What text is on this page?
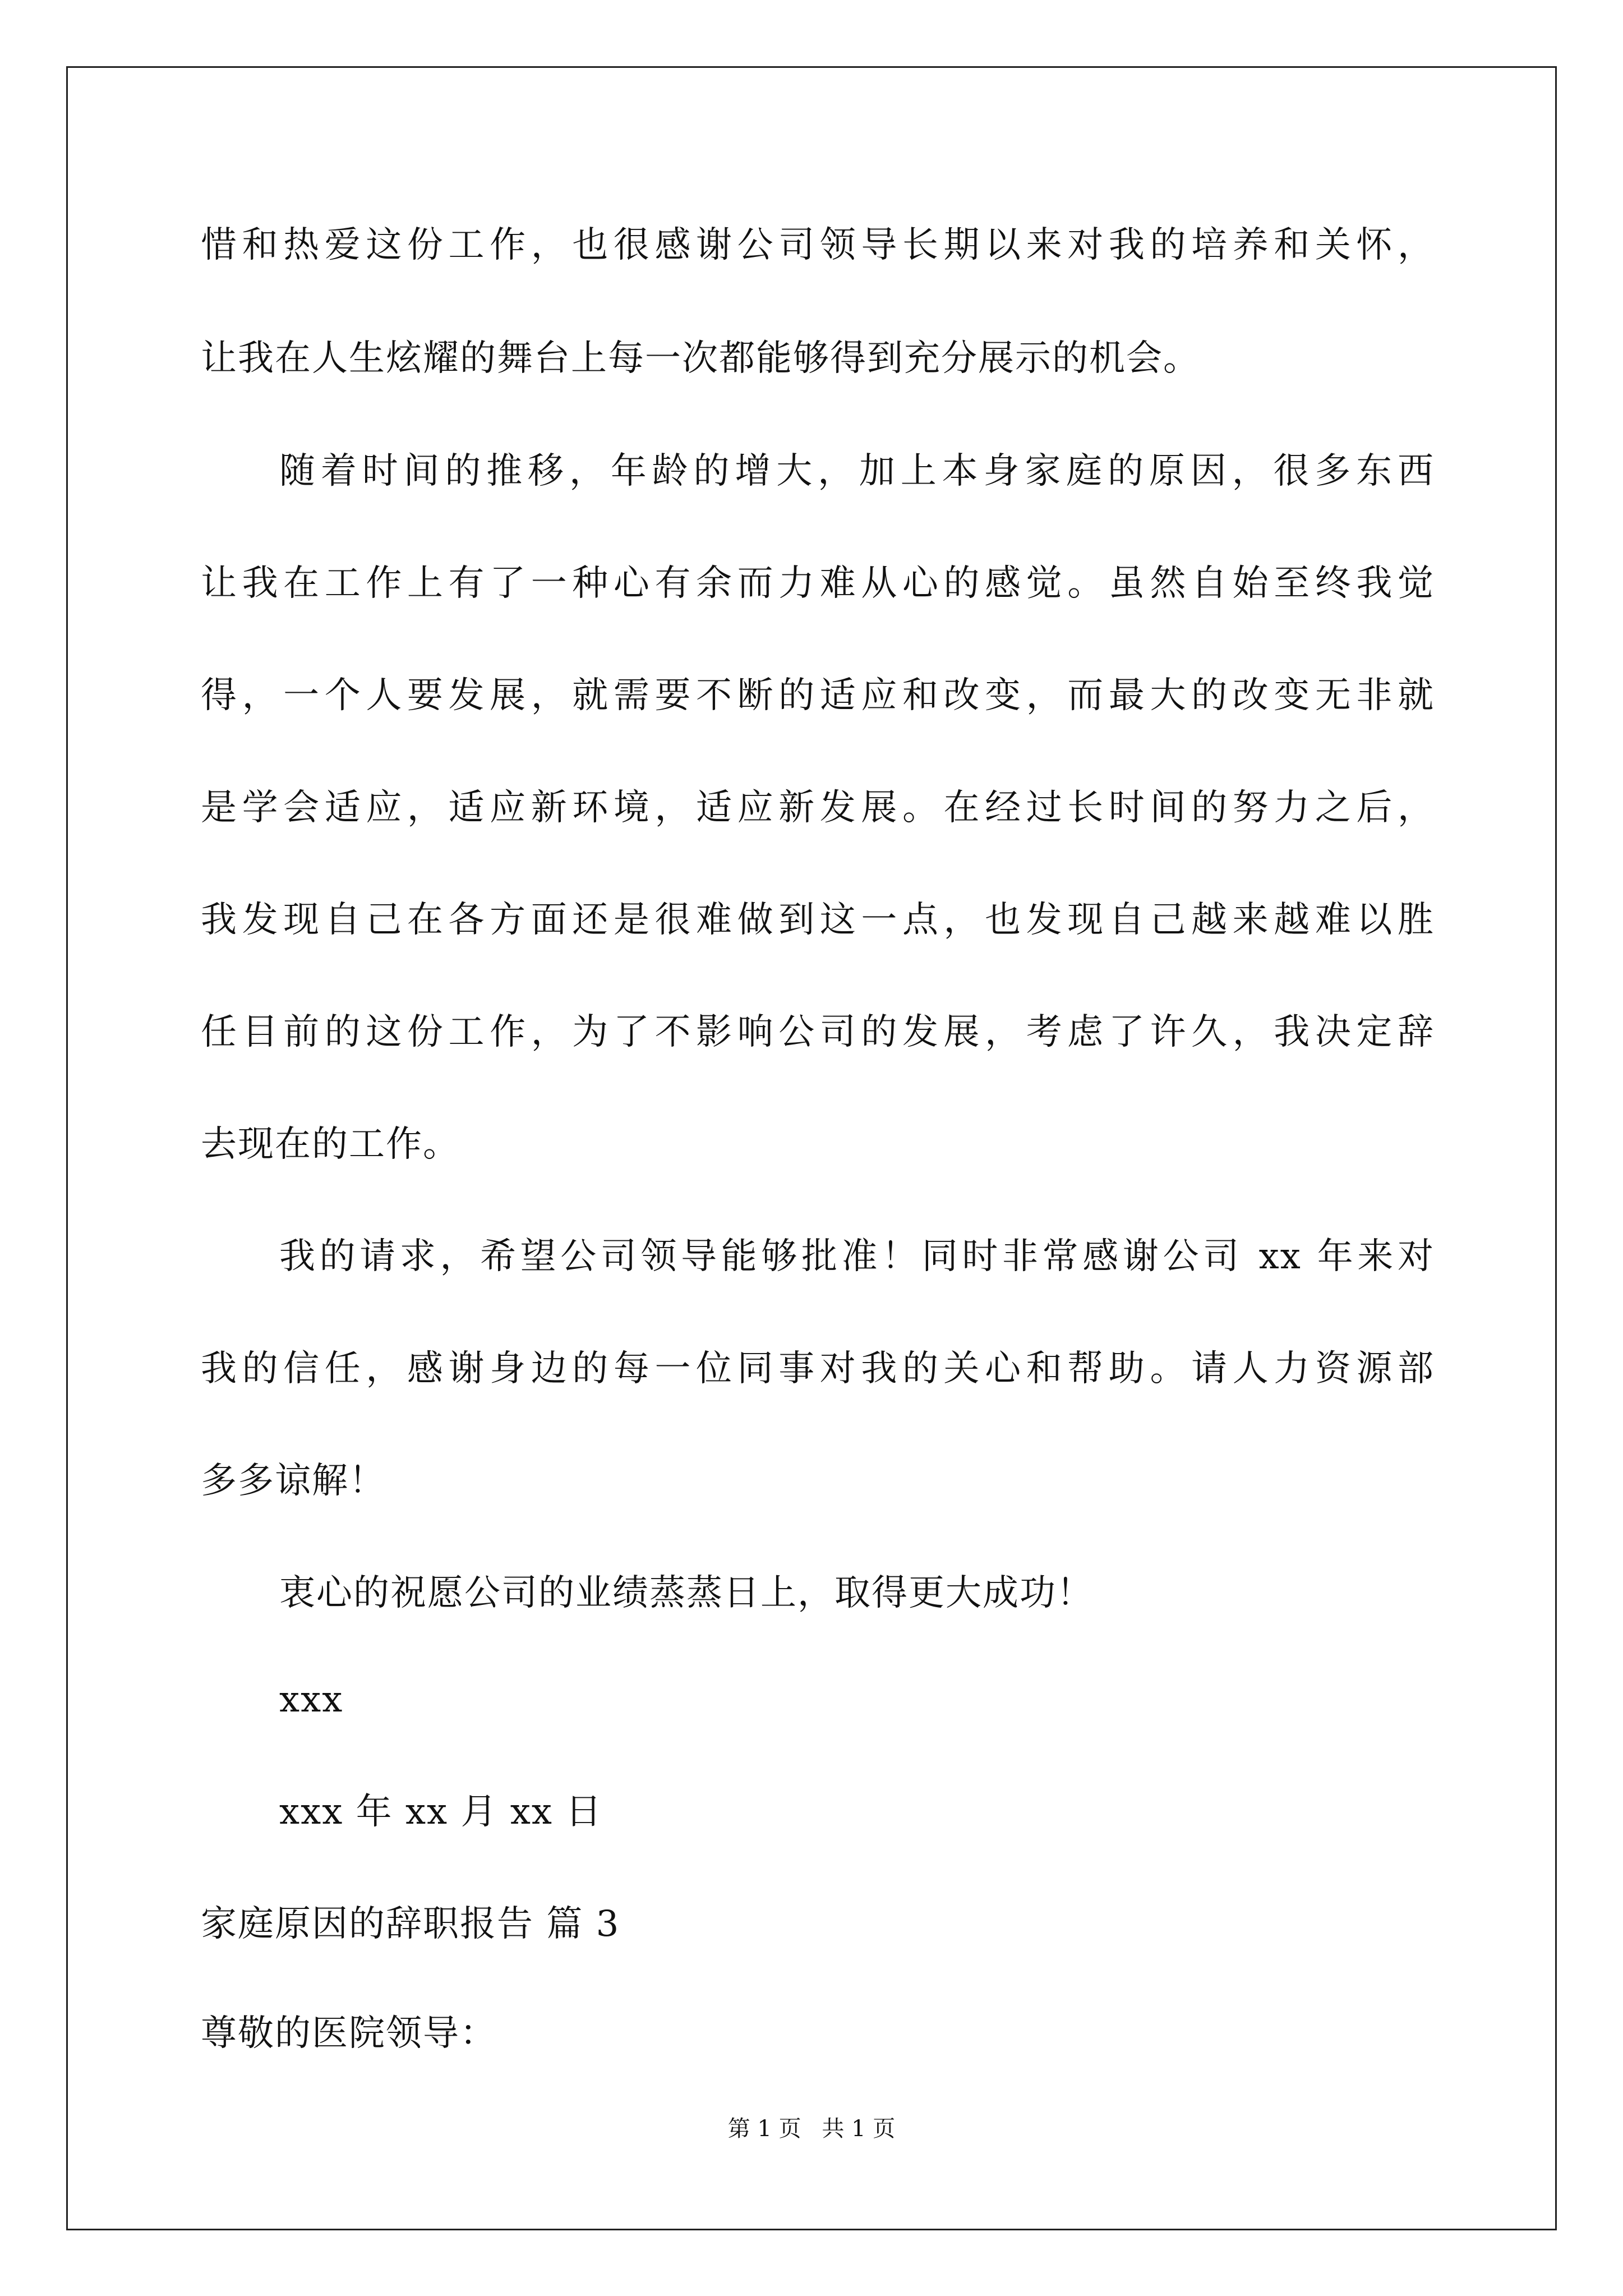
惜和热爱这份工作，也很感谢公司领导长期以来对我的培养和关怀，
让我在人生炫耀的舞台上每一次都能够得到充分展示的机会。
随着时间的推移，年龄的增大，加上本身家庭的原因，很多东西
让我在工作上有了一种心有余而力难从心的感觉。虽然自始至终我觉
得，一个人要发展，就需要不断的适应和改变，而最大的改变无非就
是学会适应，适应新环境，适应新发展。在经过长时间的努力之后，
我发现自己在各方面还是很难做到这一点，也发现自己越来越难以胜
任目前的这份工作，为了不影响公司的发展，考虑了许久，我决定辞
去现在的工作。
我的请求，希望公司领导能够批准！同时非常感谢公司 xx 年来对
我的信任，感谢身边的每一位同事对我的关心和帮助。请人力资源部
多多谅解！
衷心的祝愿公司的业绩蒸蒸日上，取得更大成功！
xxx
xxx 年 xx 月 xx 日
家庭原因的辞职报告 篇 3
尊敬的医院领导：
第 1 页 共 1 页
